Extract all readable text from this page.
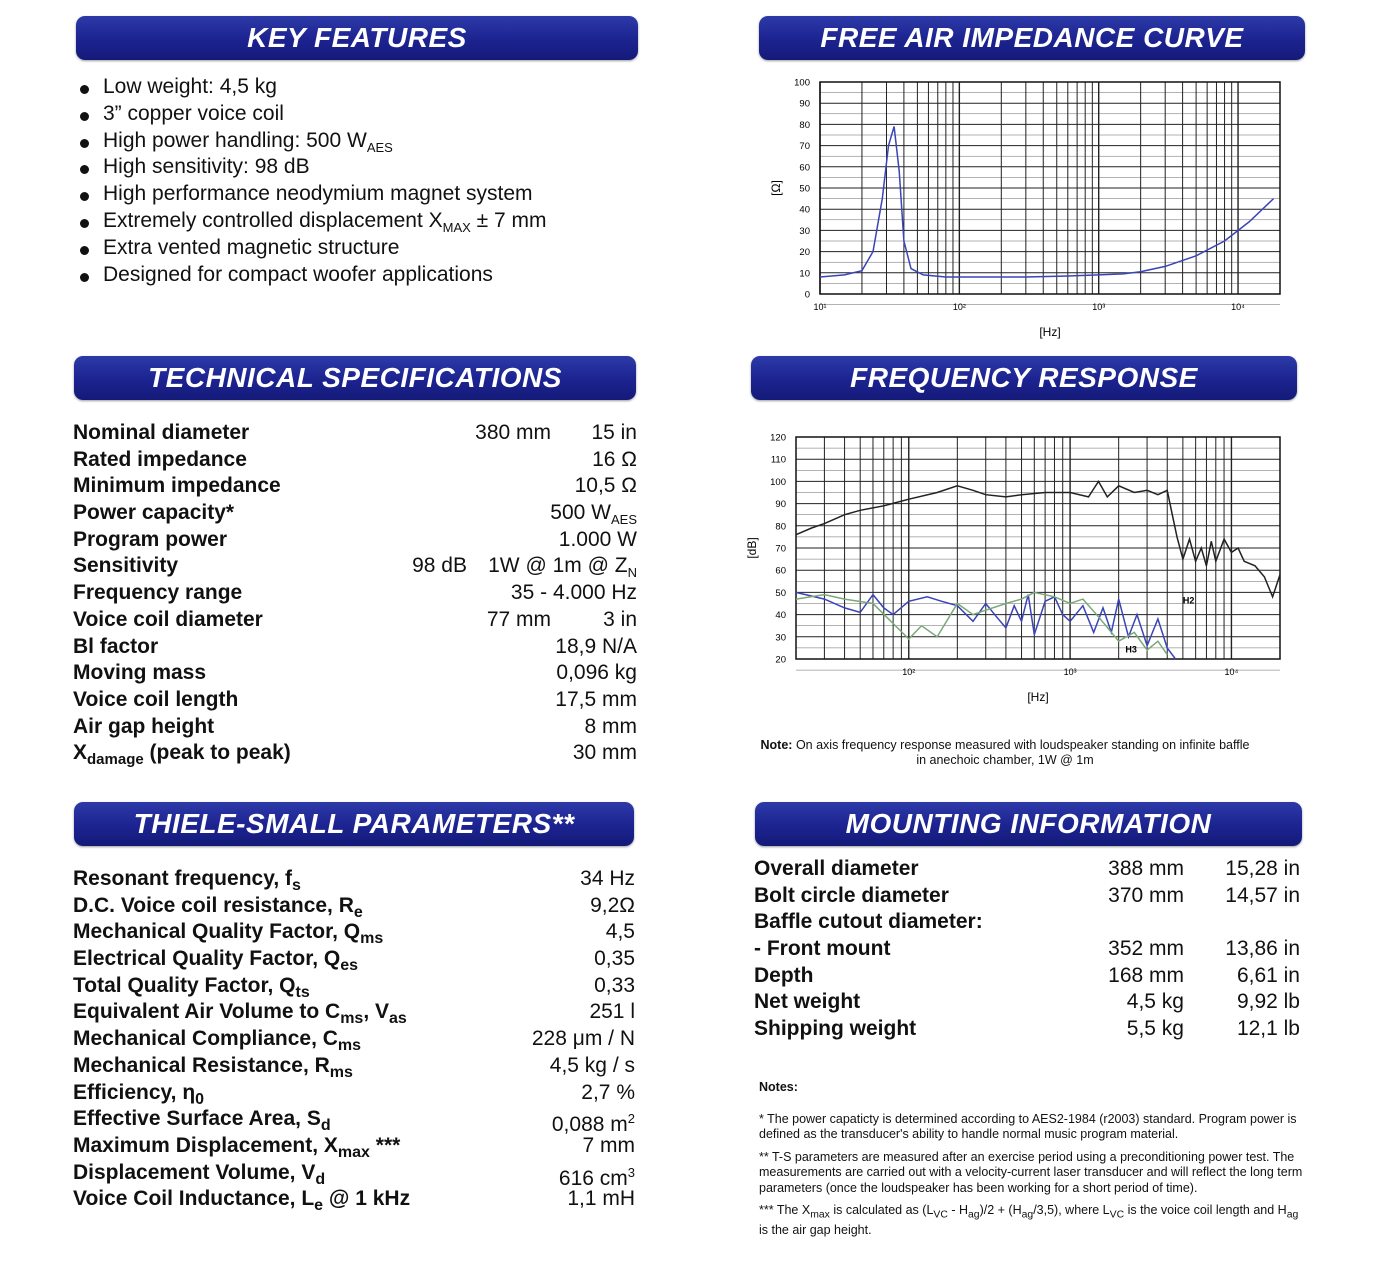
KEY FEATURES
Low weight: 4,5 kg
3” copper voice coil
High power handling: 500 $W_{AES}$
High sensitivity: 98 dB
High performance neodymium magnet system
Extremely controlled displacement $X_{MAX} \pm 7$ mm
Extra vented magnetic structure
Designed for compact woofer applications
TECHNICAL SPECIFICATIONS
Nominal diameter	380 mm 15 in
Rated impedance	16 Ω
Minimum impedance	10,5 Ω
Power capacity*	500 $W_{AES}$
Program power	1.000 W
Sensitivity	98 dB 1W @ 1m @ $Z_N$
Frequency range	35 - 4.000 Hz
Voice coil diameter	77 mm 3 in
Bl factor	18,9 N/A
Moving mass	0,096 kg
Voice coil length	17,5 mm
Air gap height	8 mm
$X_{damage}$ (peak to peak)	30 mm
THIELE-SMALL PARAMETERS**
Resonant frequency, $f_s$	34 Hz
D.C. Voice coil resistance, $R_e$	9,2Ω
Mechanical Quality Factor, $Q_{ms}$	4,5
Electrical Quality Factor, $Q_{es}$	0,35
Total Quality Factor, $Q_{ts}$	0,33
Equivalent Air Volume to $C_{ms}$, $V_{as}$	251 l
Mechanical Compliance, $C_{ms}$	228 μm / N
Mechanical Resistance, $R_{ms}$	4,5 kg / s
Efficiency, $\eta_0$	2,7 %
Effective Surface Area, $S_d$	0,088 $m^2$
Maximum Displacement, $X_{max}$ ***	7 mm
Displacement Volume, $V_d$	616 $cm^3$
Voice Coil Inductance, $L_e$ @ 1 kHz	1,1 mH
FREE AIR IMPEDANCE CURVE
0
10
20
30
40
50
60
70
80
90
100
10¹	10²	10³	10⁴
[Hz]
[Ω]
FREQUENCY RESPONSE
20
30
40
50
60
70
80
90
100
110
120
10²	10³	10⁴
[Hz]
[dB]
H2
H3
Note: On axis frequency response measured with loudspeaker standing on infinite baffle in anechoic chamber, 1W @ 1m
MOUNTING INFORMATION
Overall diameter	388 mm 15,28 in
Bolt circle diameter	370 mm 14,57 in
Baffle cutout diameter:
- Front mount	352 mm 13,86 in
Depth	168 mm	6,61 in
Net weight	4,5 kg	9,92 lb
Shipping weight	5,5 kg	12,1 lb

Notes:

* The power capaticty is determined according to AES2-1984 (r2003) standard. Program power is defined as the transducer's ability to handle normal music program material.

** T-S parameters are measured after an exercise period using a preconditioning power test. The measurements are carried out with a velocity-current laser transducer and will reflect the long term parameters (once the loudspeaker has been working for a short period of time).

*** The $X_{max}$ is calculated as $(L_{VC} - H_{ag})/2 + (H_{ag}/3,5)$, where $L_{VC}$ is the voice coil length and $H_{ag}$ is the air gap height.
